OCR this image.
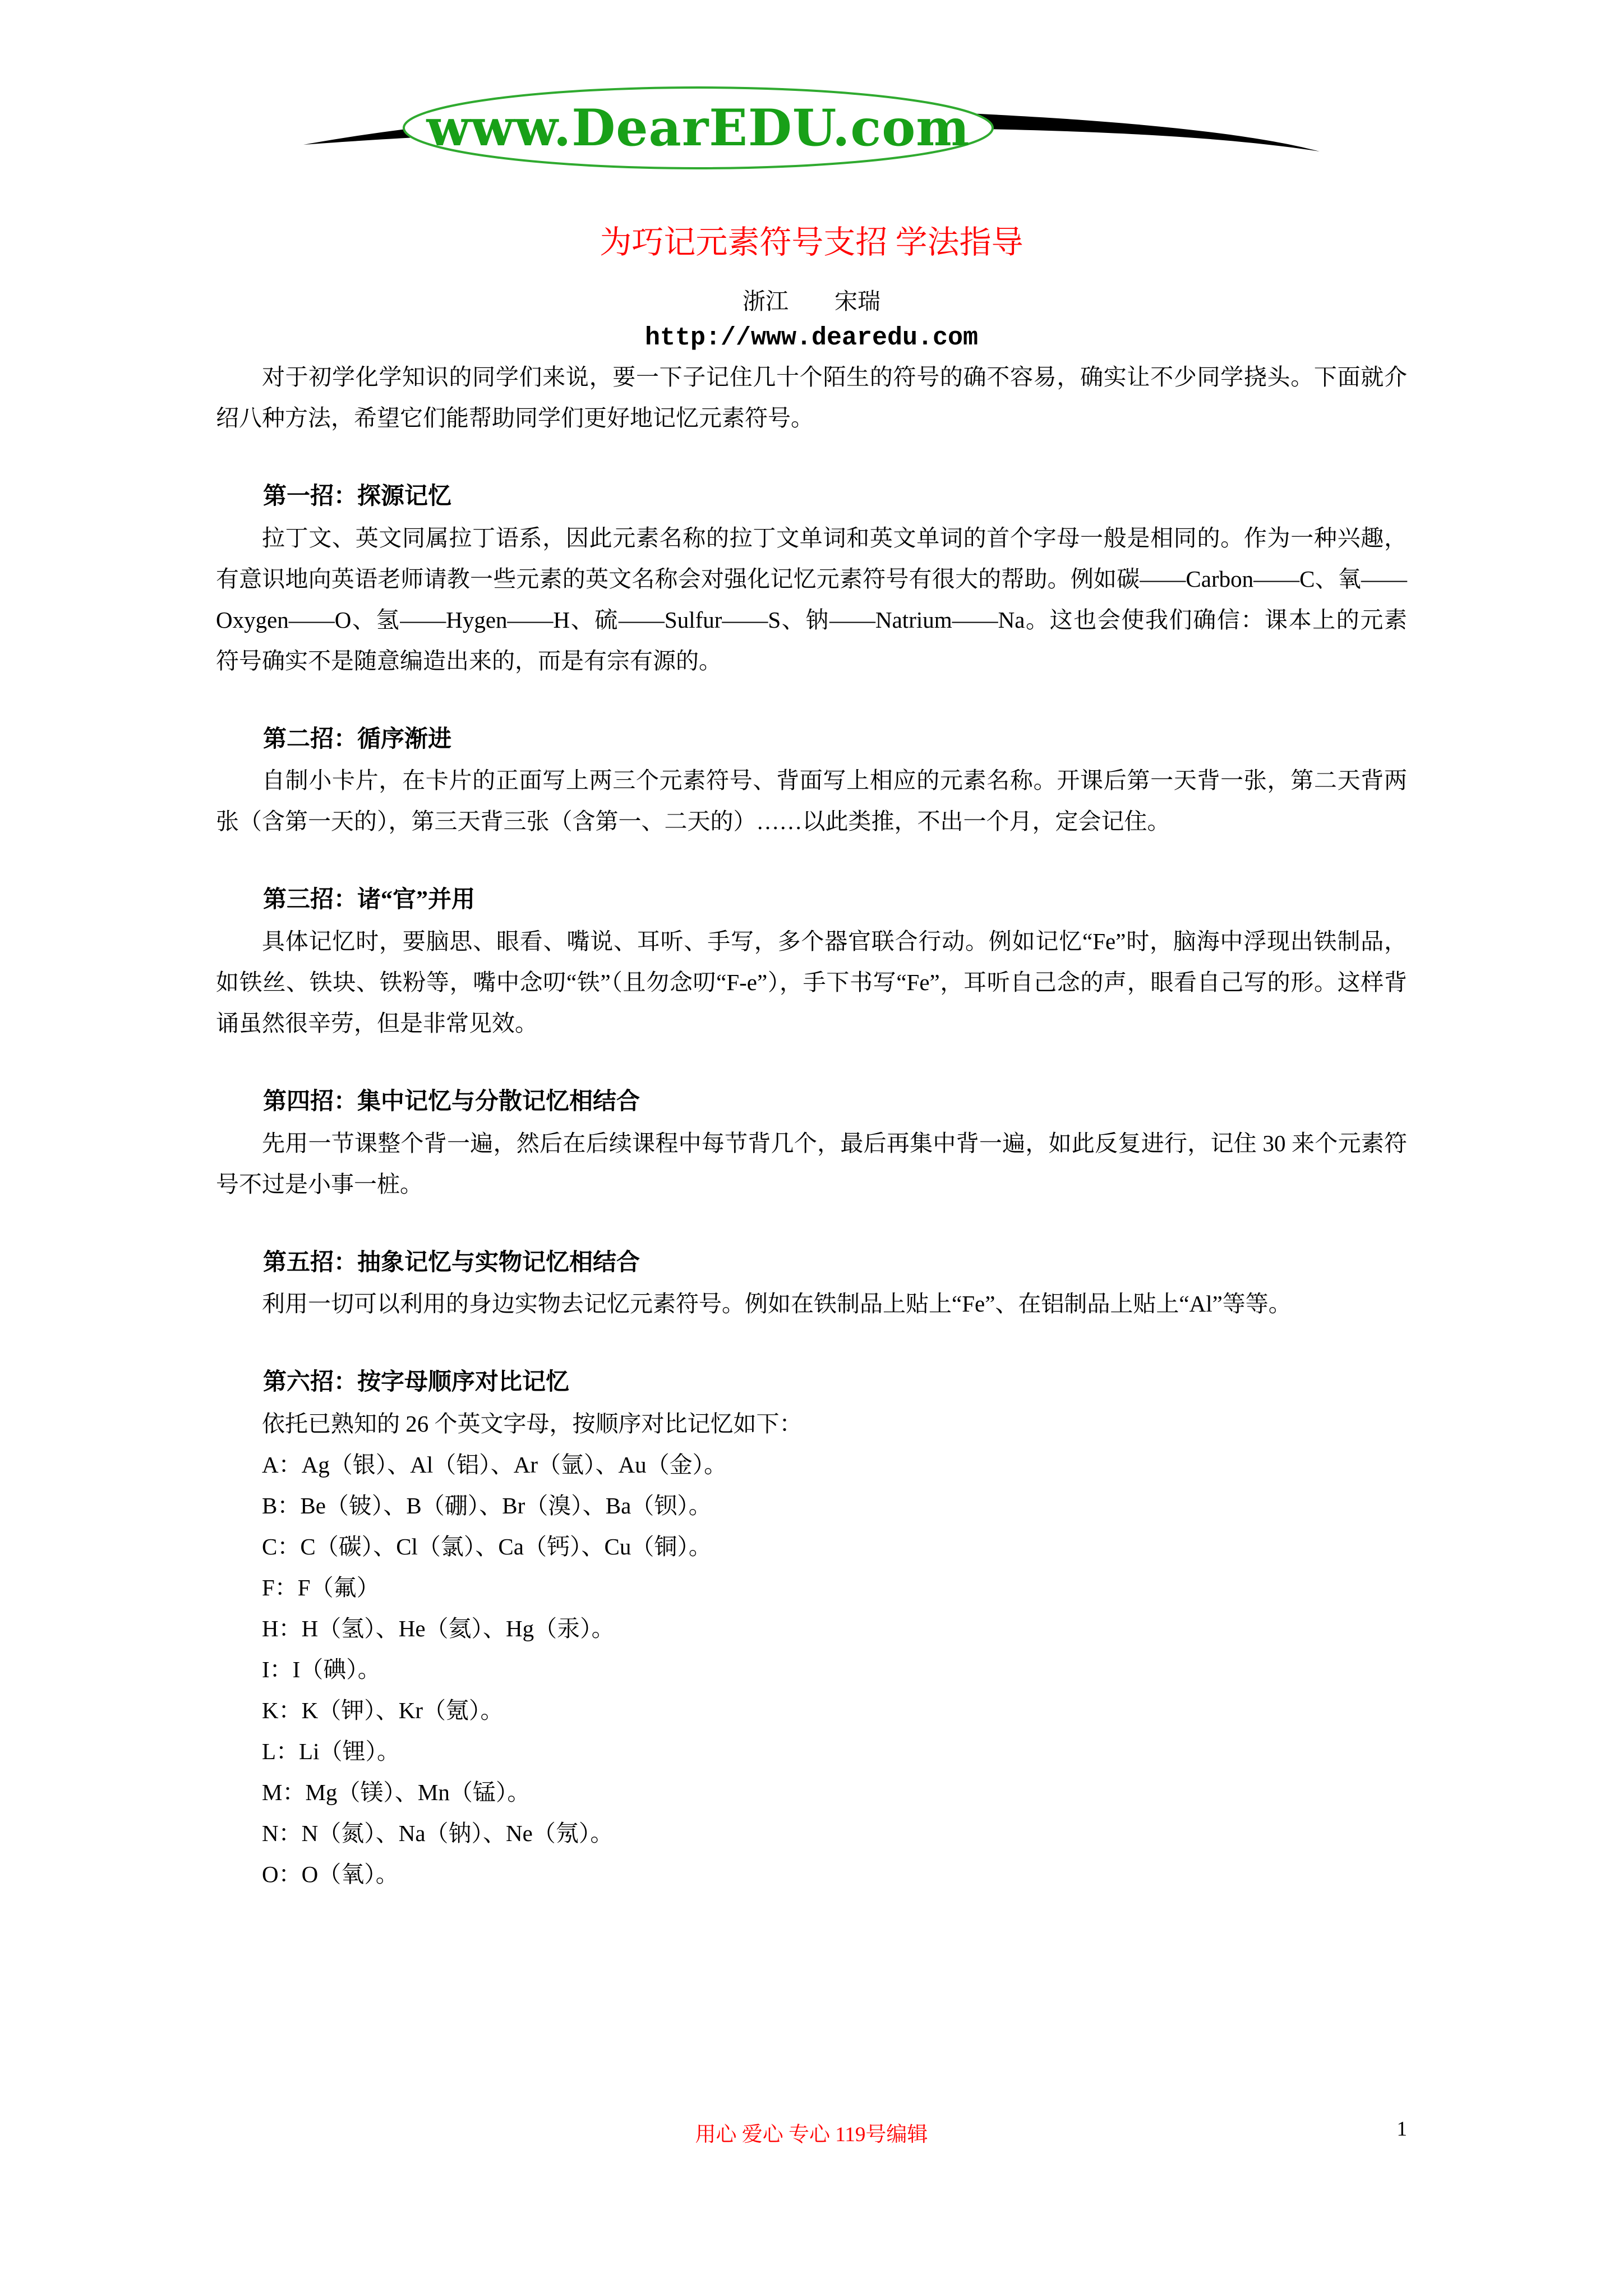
www.DearEDU.com
为巧记元素符号支招 学法指导
浙江　　宋瑞
http://www.dearedu.com

对于初学化学知识的同学们来说，要一下子记住几十个陌生的符号的确不容易，确实让不少同学挠头。下面就介绍八种方法，希望它们能帮助同学们更好地记忆元素符号。

第一招：探源记忆

拉丁文、英文同属拉丁语系，因此元素名称的拉丁文单词和英文单词的首个字母一般是相同的。作为一种兴趣，有意识地向英语老师请教一些元素的英文名称会对强化记忆元素符号有很大的帮助。例如碳——Carbon——C、氧——Oxygen——O、氢——Hygen——H、硫——Sulfur——S、钠——Natrium——Na。这也会使我们确信：课本上的元素符号确实不是随意编造出来的，而是有宗有源的。

第二招：循序渐进

自制小卡片，在卡片的正面写上两三个元素符号、背面写上相应的元素名称。开课后第一天背一张，第二天背两张（含第一天的），第三天背三张（含第一、二天的）……以此类推，不出一个月，定会记住。

第三招：诸“官”并用

具体记忆时，要脑思、眼看、嘴说、耳听、手写，多个器官联合行动。例如记忆“Fe”时，脑海中浮现出铁制品，如铁丝、铁块、铁粉等，嘴中念叨“铁”（且勿念叨“F-e”），手下书写“Fe”，耳听自己念的声，眼看自己写的形。这样背诵虽然很辛劳，但是非常见效。

第四招：集中记忆与分散记忆相结合

先用一节课整个背一遍，然后在后续课程中每节背几个，最后再集中背一遍，如此反复进行，记住 30 来个元素符号不过是小事一桩。

第五招：抽象记忆与实物记忆相结合

利用一切可以利用的身边实物去记忆元素符号。例如在铁制品上贴上“Fe”、在铝制品上贴上“Al”等等。

第六招：按字母顺序对比记忆

依托已熟知的 26 个英文字母，按顺序对比记忆如下：

A：Ag（银）、Al（铝）、Ar（氩）、Au（金）。
B：Be（铍）、B（硼）、Br（溴）、Ba（钡）。
C：C（碳）、Cl（氯）、Ca（钙）、Cu（铜）。
F：F（氟）
H：H（氢）、He（氦）、Hg（汞）。
I：I（碘）。
K：K（钾）、Kr（氪）。
L：Li（锂）。
M：Mg（镁）、Mn（锰）。
N：N（氮）、Na（钠）、Ne（氖）。
O：O（氧）。
用心 爱心 专心 119号编辑	1
